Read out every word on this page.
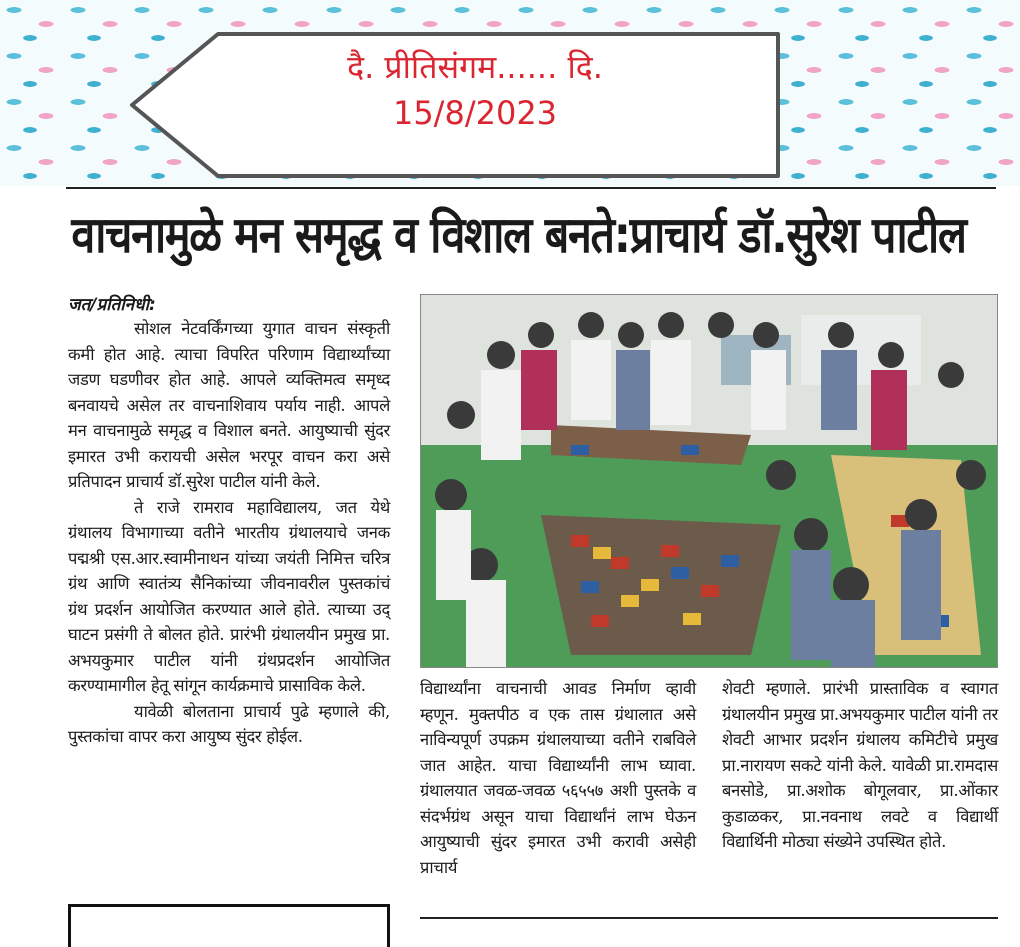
दै. प्रीतिसंगम...... दि.
15/8/2023
वाचनामुळे मन समृद्ध व विशाल बनते:प्राचार्य डॉ.सुरेश पाटील
जत/प्रतिनिधी:

सोशल नेटवर्किंगच्या युगात वाचन संस्कृती कमी होत आहे. त्याचा विपरित परिणाम विद्यार्थ्यांच्या जडण घडणीवर होत आहे. आपले व्यक्तिमत्व समृध्द बनवायचे असेल तर वाचनाशिवाय पर्याय नाही. आपले मन वाचनामुळे समृद्ध व विशाल बनते. आयुष्याची सुंदर इमारत उभी करायची असेल भरपूर वाचन करा असे प्रतिपादन प्राचार्य डॉ.सुरेश पाटील यांनी केले.

ते राजे रामराव महाविद्यालय, जत येथे ग्रंथालय विभागाच्या वतीने भारतीय ग्रंथालयाचे जनक पद्मश्री एस.आर.स्वामीनाथन यांच्या जयंती निमित्त चरित्र ग्रंथ आणि स्वातंत्र्य सैनिकांच्या जीवनावरील पुस्तकांचं ग्रंथ प्रदर्शन आयोजित करण्यात आले होते. त्याच्या उद् घाटन प्रसंगी ते बोलत होते. प्रारंभी ग्रंथालयीन प्रमुख प्रा. अभयकुमार पाटील यांनी ग्रंथप्रदर्शन आयोजित करण्यामागील हेतू सांगून कार्यक्रमाचे प्रासाविक केले.

यावेळी बोलताना प्राचार्य पुढे म्हणाले की, पुस्तकांचा वापर करा आयुष्य सुंदर होईल.

विद्यार्थ्यांना वाचनाची आवड निर्माण व्हावी म्हणून. मुक्तपीठ व एक तास ग्रंथालात असे नाविन्यपूर्ण उपक्रम ग्रंथालयाच्या वतीने राबविले जात आहेत. याचा विद्यार्थ्यांनी लाभ घ्यावा. ग्रंथालयात जवळ-जवळ ५६५५७ अशी पुस्तके व संदर्भग्रंथ असून याचा विद्यार्थांनं लाभ घेऊन आयुष्याची सुंदर इमारत उभी करावी असेही प्राचार्य
शेवटी म्हणाले. प्रारंभी प्रास्ताविक व स्वागत ग्रंथालयीन प्रमुख प्रा.अभयकुमार पाटील यांनी तर शेवटी आभार प्रदर्शन ग्रंथालय कमिटीचे प्रमुख प्रा.नारायण सकटे यांनी केले. यावेळी प्रा.रामदास बनसोडे, प्रा.अशोक बोगूलवार, प्रा.ओंकार कुडाळकर, प्रा.नवनाथ लवटे व विद्यार्थी विद्यार्थिनी मोठ्या संख्येने उपस्थित होते.
